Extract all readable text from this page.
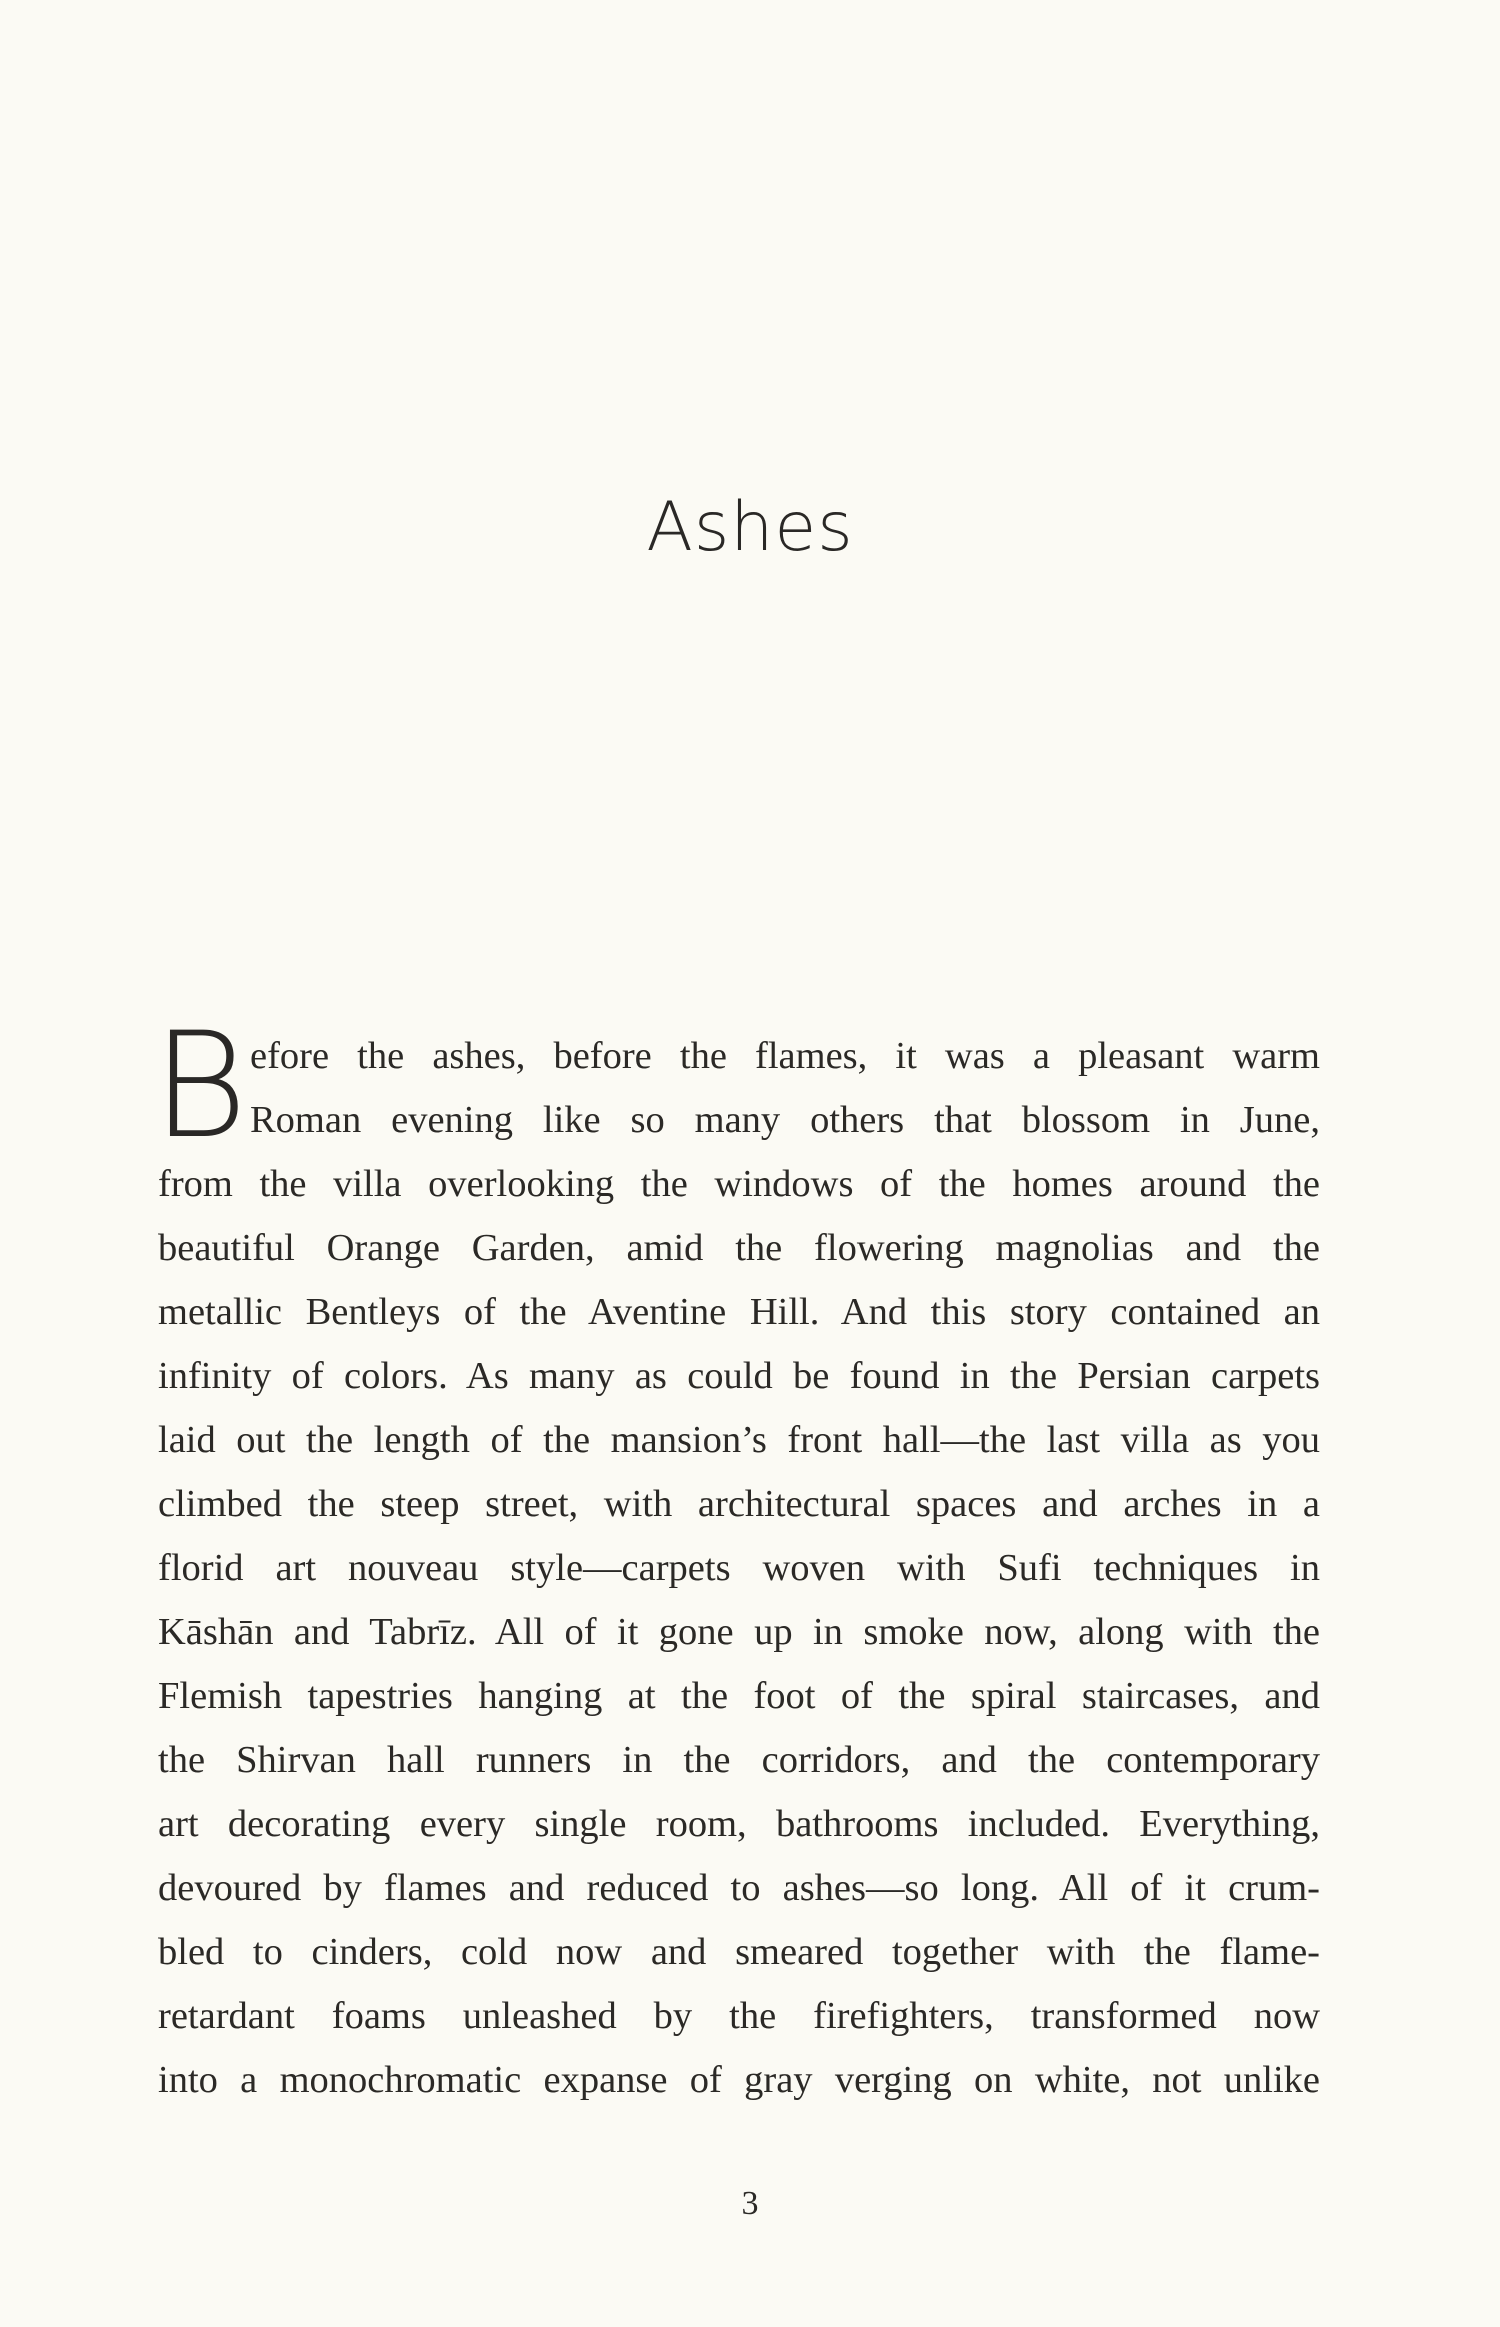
Ashes
B efore the ashes, before the flames, it was a pleasant warm
Roman evening like so many others that blossom in June,
from the villa overlooking the windows of the homes around the
beautiful Orange Garden, amid the flowering magnolias and the
metallic Bentleys of the Aventine Hill. And this story contained an
infinity of colors. As many as could be found in the Persian carpets
laid out the length of the mansion’s front hall—the last villa as you
climbed the steep street, with architectural spaces and arches in a
florid art nouveau style—carpets woven with Sufi techniques in
Kāshān and Tabrīz. All of it gone up in smoke now, along with the
Flemish tapestries hanging at the foot of the spiral staircases, and
the Shirvan hall runners in the corridors, and the contemporary
art decorating every single room, bathrooms included. Everything,
devoured by flames and reduced to ashes—so long. All of it crum-
bled to cinders, cold now and smeared together with the flame-
retardant foams unleashed by the firefighters, transformed now
into a monochromatic expanse of gray verging on white, not unlike
3
